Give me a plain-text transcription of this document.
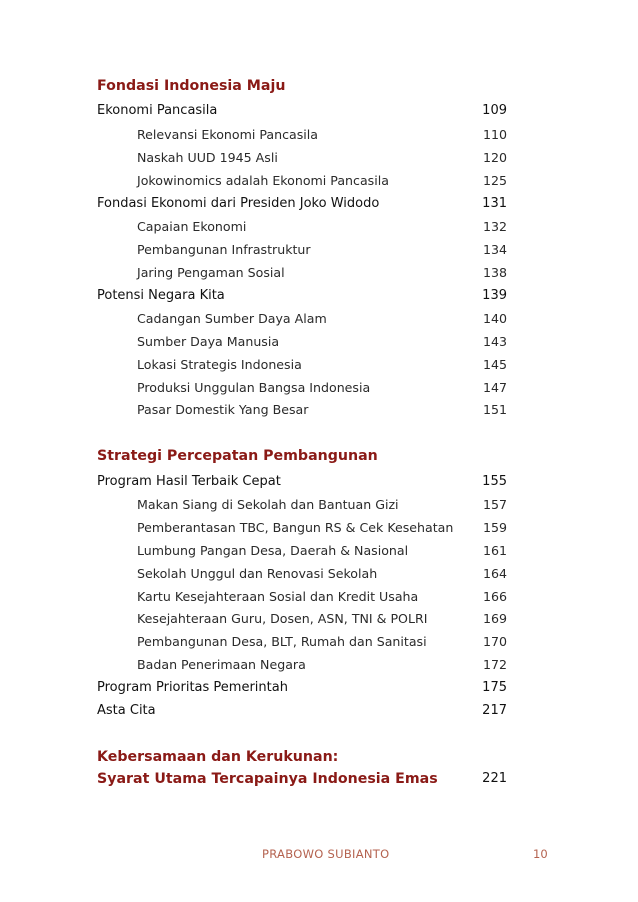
Fondasi Indonesia Maju
Ekonomi Pancasila	109
Relevansi Ekonomi Pancasila	110
Naskah UUD 1945 Asli	120
Jokowinomics adalah Ekonomi Pancasila	125
Fondasi Ekonomi dari Presiden Joko Widodo	131
Capaian Ekonomi	132
Pembangunan Infrastruktur	134
Jaring Pengaman Sosial	138
Potensi Negara Kita	139
Cadangan Sumber Daya Alam	140
Sumber Daya Manusia	143
Lokasi Strategis Indonesia	145
Produksi Unggulan Bangsa Indonesia	147
Pasar Domestik Yang Besar	151
Strategi Percepatan Pembangunan
Program Hasil Terbaik Cepat	155
Makan Siang di Sekolah dan Bantuan Gizi	157
Pemberantasan TBC, Bangun RS & Cek Kesehatan	159
Lumbung Pangan Desa, Daerah & Nasional	161
Sekolah Unggul dan Renovasi Sekolah	164
Kartu Kesejahteraan Sosial dan Kredit Usaha	166
Kesejahteraan Guru, Dosen, ASN, TNI & POLRI	169
Pembangunan Desa, BLT, Rumah dan Sanitasi	170
Badan Penerimaan Negara	172
Program Prioritas Pemerintah	175
Asta Cita	217
Kebersamaan dan Kerukunan:
Syarat Utama Tercapainya Indonesia Emas	221
PRABOWO SUBIANTO	10
